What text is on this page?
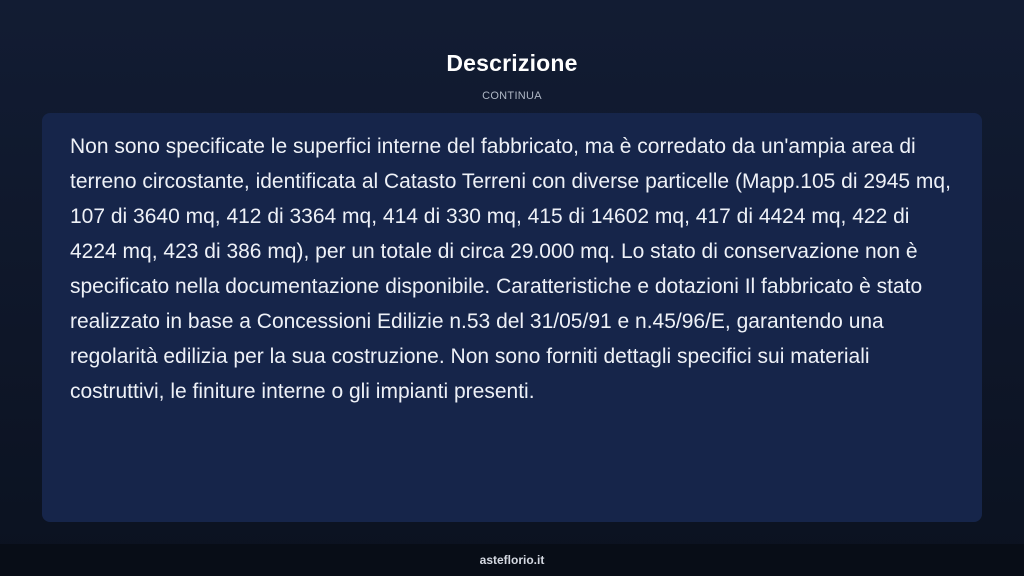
Descrizione
CONTINUA

Non sono specificate le superfici interne del fabbricato, ma è corredato da un'ampia area di terreno circostante, identificata al Catasto Terreni con diverse particelle (Mapp.105 di 2945 mq, 107 di 3640 mq, 412 di 3364 mq, 414 di 330 mq, 415 di 14602 mq, 417 di 4424 mq, 422 di 4224 mq, 423 di 386 mq), per un totale di circa 29.000 mq. Lo stato di conservazione non è specificato nella documentazione disponibile. Caratteristiche e dotazioni Il fabbricato è stato realizzato in base a Concessioni Edilizie n.53 del 31/05/91 e n.45/96/E, garantendo una regolarità edilizia per la sua costruzione. Non sono forniti dettagli specifici sui materiali costruttivi, le finiture interne o gli impianti presenti.

asteflorio.it
